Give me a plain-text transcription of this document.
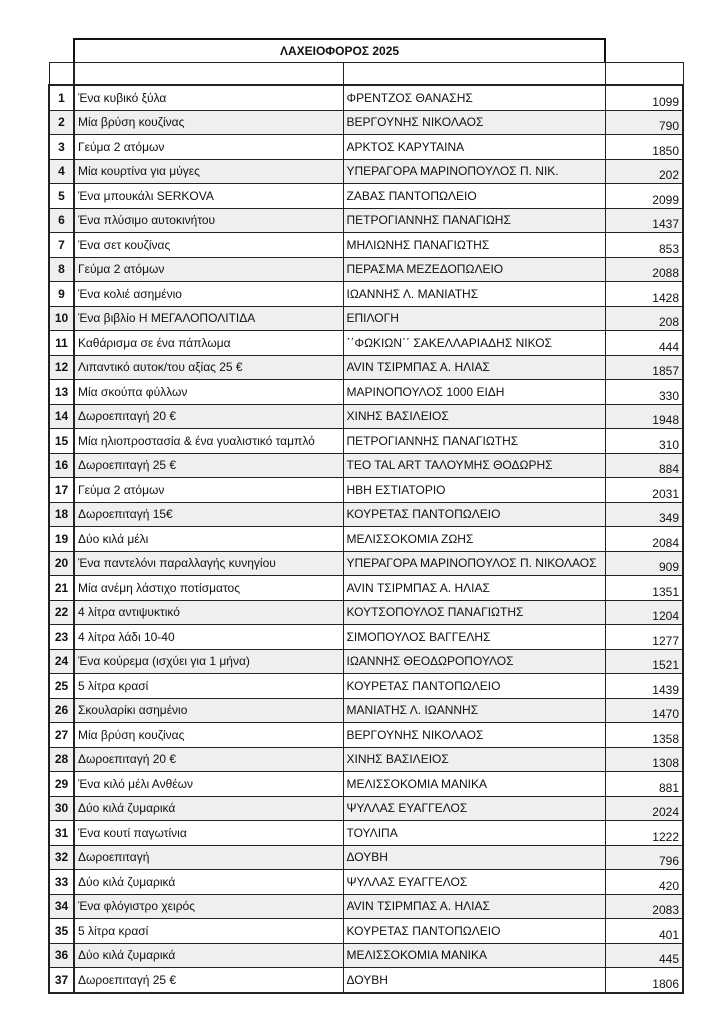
ΛΑΧΕΙΟΦΟΡΟΣ 2025

1	Ένα κυβικό ξύλα	ΦΡΕΝΤΖΟΣ ΘΑΝΑΣΗΣ	1099
2	Μία βρύση κουζίνας	ΒΕΡΓΟΥΝΗΣ ΝΙΚΟΛΑΟΣ	790
3	Γεύμα 2 ατόμων	ΑΡΚΤΟΣ ΚΑΡΥΤΑΙΝΑ	1850
4	Μία κουρτίνα για μύγες	ΥΠΕΡΑΓΟΡΑ ΜΑΡΙΝΟΠΟΥΛΟΣ Π. ΝΙΚ.	202
5	Ένα μπουκάλι SERKOVA	ΖΑΒΑΣ ΠΑΝΤΟΠΩΛΕΙΟ	2099
6	Ένα πλύσιμο αυτοκινήτου	ΠΕΤΡΟΓΙΑΝΝΗΣ ΠΑΝΑΓΙΩΗΣ	1437
7	Ένα σετ κουζίνας	ΜΗΛΙΩΝΗΣ ΠΑΝΑΓΙΩΤΗΣ	853
8	Γεύμα 2 ατόμων	ΠΕΡΑΣΜΑ ΜΕΖΕΔΟΠΩΛΕΙΟ	2088
9	Ένα κολιέ ασημένιο	ΙΩΑΝΝΗΣ Λ. ΜΑΝΙΑΤΗΣ	1428
10	Ένα βιβλίο Η ΜΕΓΑΛΟΠΟΛΙΤΙΔΑ	ΕΠΙΛΟΓΗ	208
11	Καθάρισμα σε ένα πάπλωμα	΄΄ΦΩΚΙΩΝ΄΄ ΣΑΚΕΛΛΑΡΙΑΔΗΣ ΝΙΚΟΣ	444
12	Λιπαντικό αυτοκ/του αξίας 25 €	AVIN ΤΣΙΡΜΠΑΣ Α. ΗΛΙΑΣ	1857
13	Μία σκούπα φύλλων	ΜΑΡΙΝΟΠΟΥΛΟΣ 1000 ΕΙΔΗ	330
14	Δωροεπιταγή 20 €	ΧΙΝΗΣ ΒΑΣΙΛΕΙΟΣ	1948
15	Μία ηλιοπροστασία & ένα γυαλιστικό ταμπλό	ΠΕΤΡΟΓΙΑΝΝΗΣ ΠΑΝΑΓΙΩΤΗΣ	310
16	Δωροεπιταγή 25 €	TEO TAL ART ΤΑΛΟΥΜΗΣ ΘΟΔΩΡΗΣ	884
17	Γεύμα 2 ατόμων	ΗΒΗ ΕΣΤΙΑΤΟΡΙΟ	2031
18	Δωροεπιταγή 15€	ΚΟΥΡΕΤΑΣ ΠΑΝΤΟΠΩΛΕΙΟ	349
19	Δύο κιλά μέλι	ΜΕΛΙΣΣΟΚΟΜΙΑ ΖΩΗΣ	2084
20	Ένα παντελόνι παραλλαγής κυνηγίου	ΥΠΕΡΑΓΟΡΑ ΜΑΡΙΝΟΠΟΥΛΟΣ Π. ΝΙΚΟΛΑΟΣ	909
21	Μία ανέμη λάστιχο ποτίσματος	AVIN ΤΣΙΡΜΠΑΣ Α. ΗΛΙΑΣ	1351
22	4 λίτρα αντιψυκτικό	ΚΟΥΤΣΟΠΟΥΛΟΣ ΠΑΝΑΓΙΩΤΗΣ	1204
23	4 λίτρα λάδι 10-40	ΣΙΜΟΠΟΥΛΟΣ ΒΑΓΓΕΛΗΣ	1277
24	Ένα κούρεμα (ισχύει για 1 μήνα)	ΙΩΑΝΝΗΣ ΘΕΟΔΩΡΟΠΟΥΛΟΣ	1521
25	5 λίτρα κρασί	ΚΟΥΡΕΤΑΣ ΠΑΝΤΟΠΩΛΕΙΟ	1439
26	Σκουλαρίκι ασημένιο	ΜΑΝΙΑΤΗΣ Λ. ΙΩΑΝΝΗΣ	1470
27	Μία βρύση κουζίνας	ΒΕΡΓΟΥΝΗΣ ΝΙΚΟΛΑΟΣ	1358
28	Δωροεπιταγή 20 €	ΧΙΝΗΣ ΒΑΣΙΛΕΙΟΣ	1308
29	Ένα κιλό μέλι Ανθέων	ΜΕΛΙΣΣΟΚΟΜΙΑ ΜΑΝΙΚΑ	881
30	Δύο κιλά ζυμαρικά	ΨΥΛΛΑΣ ΕΥΑΓΓΕΛΟΣ	2024
31	Ένα κουτί παγωτίνια	ΤΟΥΛΙΠΑ	1222
32	Δωροεπιταγή	ΔΟΥΒΗ	796
33	Δύο κιλά ζυμαρικά	ΨΥΛΛΑΣ ΕΥΑΓΓΕΛΟΣ	420
34	Ένα φλόγιστρο χειρός	AVIN ΤΣΙΡΜΠΑΣ Α. ΗΛΙΑΣ	2083
35	5 λίτρα κρασί	ΚΟΥΡΕΤΑΣ ΠΑΝΤΟΠΩΛΕΙΟ	401
36	Δύο κιλά ζυμαρικά	ΜΕΛΙΣΣΟΚΟΜΙΑ ΜΑΝΙΚΑ	445
37	Δωροεπιταγή 25 €	ΔΟΥΒΗ	1806
